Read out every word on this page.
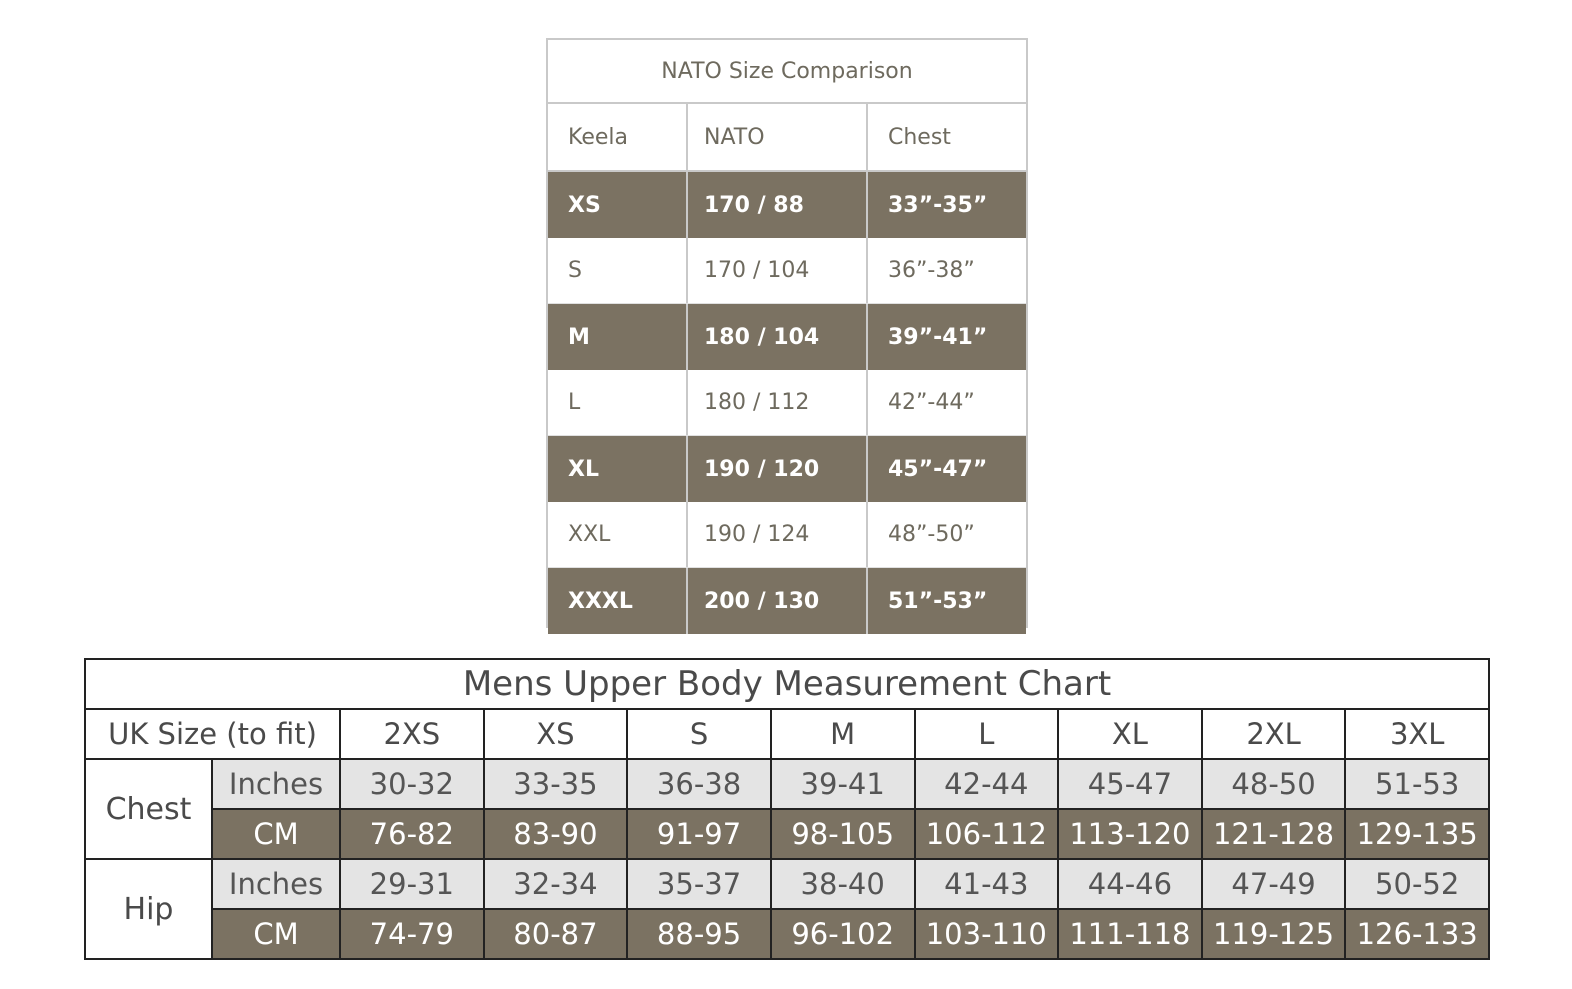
NATO Size Comparison
Keela	NATO	Chest
XS	170 / 88	33”-35”
S	170 / 104	36”-38”
M	180 / 104	39”-41”
L	180 / 112	42”-44”
XL	190 / 120	45”-47”
XXL	190 / 124	48”-50”
XXXL	200 / 130	51”-53”
Mens Upper Body Measurement Chart									
UK Size (to fit)		2XS	XS	S	M	L	XL	2XL	3XL
Chest	Inches	30-32	33-35	36-38	39-41	42-44	45-47	48-50	51-53
	CM	76-82	83-90	91-97	98-105	106-112	113-120	121-128	129-135
Hip	Inches	29-31	32-34	35-37	38-40	41-43	44-46	47-49	50-52
	CM	74-79	80-87	88-95	96-102	103-110	111-118	119-125	126-133
